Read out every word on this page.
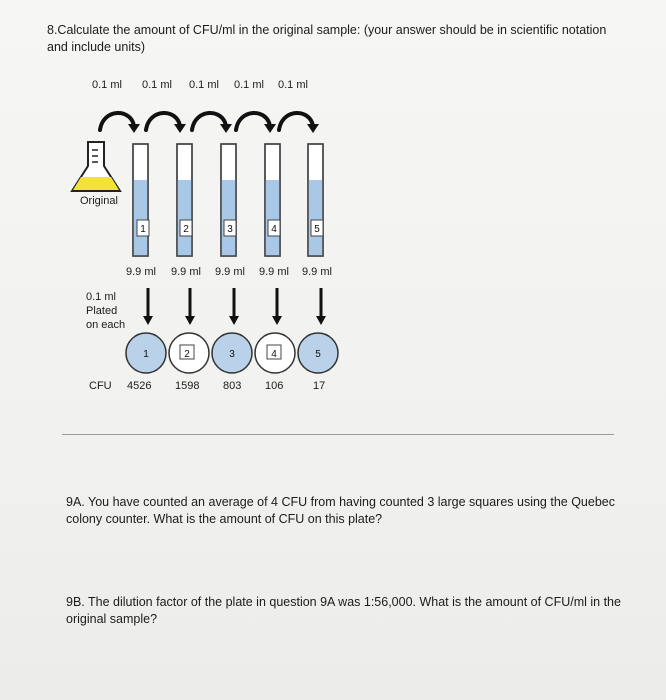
8.Calculate the amount of CFU/ml in the original sample: (your answer should be in scientific notation and include units)
0.1 ml 0.1 ml 0.1 ml 0.1 ml 0.1 ml
1	2	3	4	5
1	2	3	4	5
Original
9.9 ml 9.9 ml 9.9 ml 9.9 ml 9.9 ml
0.1 ml
Plated
on each
CFU 4526 1598 803 106	17
9A. You have counted an average of 4 CFU from having counted 3 large squares using the Quebec colony counter. What is the amount of CFU on this plate?
9B. The dilution factor of the plate in question 9A was 1:56,000. What is the amount of CFU/ml in the original sample?
